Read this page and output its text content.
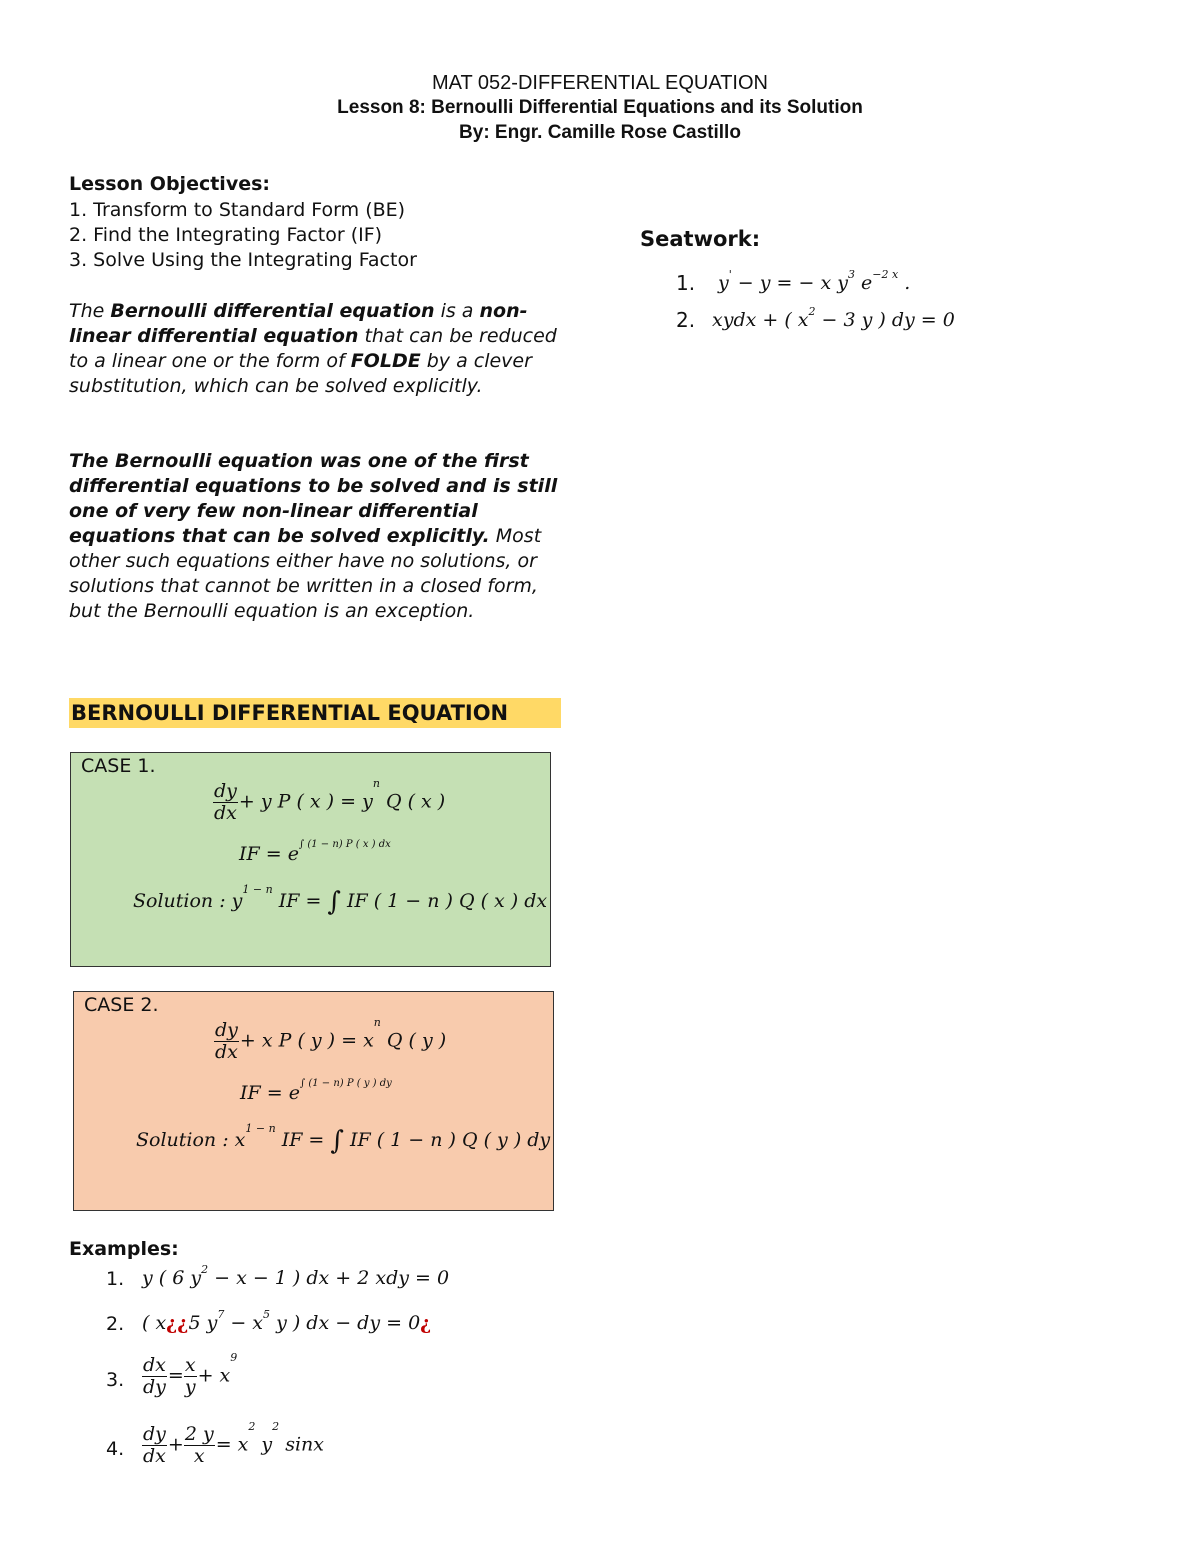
MAT 052-DIFFERENTIAL EQUATION
Lesson 8: Bernoulli Differential Equations and its Solution
By: Engr. Camille Rose Castillo
Lesson Objectives:
1. Transform to Standard Form (BE)
2. Find the Integrating Factor (IF)
3. Solve Using the Integrating Factor
The Bernoulli differential equation is a non-linear differential equation that can be reduced to a linear one or the form of FOLDE by a clever substitution, which can be solved explicitly.
The Bernoulli equation was one of the first differential equations to be solved and is still one of very few non-linear differential equations that can be solved explicitly. Most other such equations either have no solutions, or solutions that cannot be written in a closed form, but the Bernoulli equation is an exception.
BERNOULLI DIFFERENTIAL EQUATION
CASE 1.
$\frac{dy}{dx} + y$ P ( x ) = $y^n$ Q ( x )
IF = $e^{\int (1 - n) P ( x ) dx}$
Solution : $y^{1 - n}$ IF = ∫ IF ( 1 − n ) Q ( x ) dx
CASE 2.
$\frac{dy}{dx} + x$ P ( y ) = $x^n$ Q ( y )
IF = $e^{\int (1 - n) P ( y ) dy}$
Solution : $x^{1 - n}$ IF = ∫ IF ( 1 − n ) Q ( y ) dy
Examples:
1. y ( 6 $y^2 - x - 1$ ) dx + 2 xdy = 0
2. ( x¿¿5 $y^7 - x^5$ y ) dx − dy = 0¿
3. $\frac{dx}{dy} = \frac{x}{y} + x^9$
4. $\frac{dy}{dx} + \frac{2 y}{x} = x^2$ $y^2$ sinx
Seatwork:
1. y' − y = − x $y^3$ $e^{-2 x}$ .
2. xydx + ( $x^2 - 3$ y ) dy = 0
